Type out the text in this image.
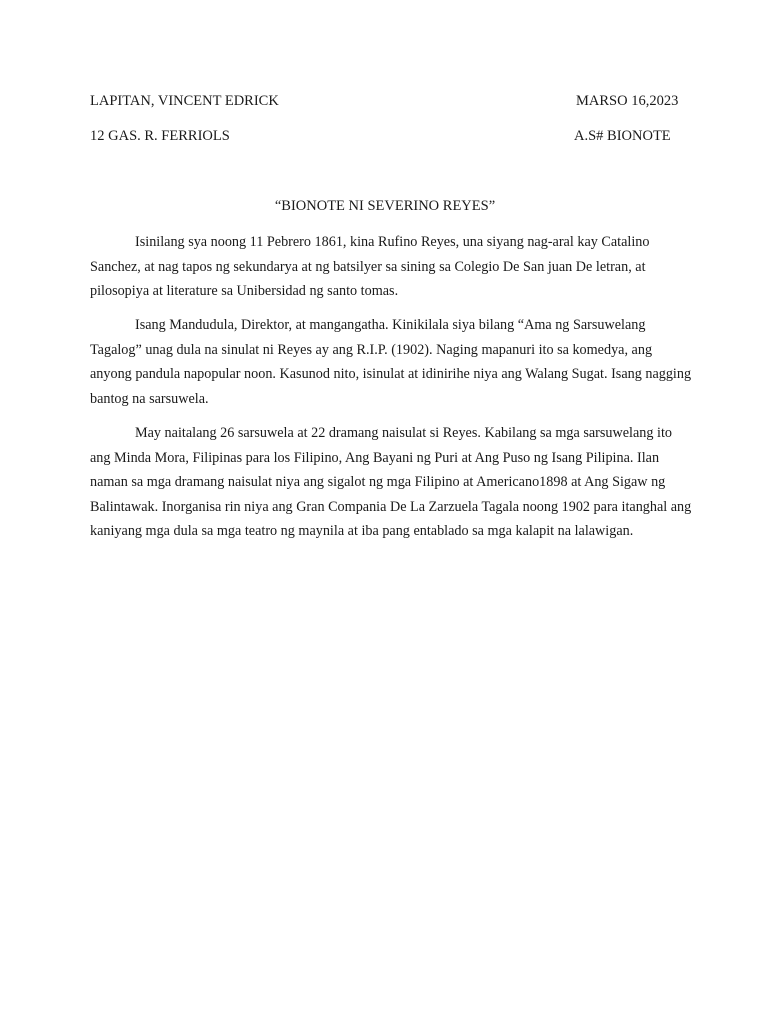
LAPITAN, VINCENT EDRICK	MARSO 16,2023
12 GAS. R. FERRIOLS	A.S# BIONOTE
“BIONOTE NI SEVERINO REYES”
Isinilang sya noong 11 Pebrero 1861, kina Rufino Reyes, una siyang nag-aral kay Catalino
Sanchez, at nag tapos ng sekundarya at ng batsilyer sa sining sa Colegio De San juan De letran, at
pilosopiya at literature sa Unibersidad ng santo tomas.
Isang Mandudula, Direktor, at mangangatha. Kinikilala siya bilang “Ama ng Sarsuwelang
Tagalog” unag dula na sinulat ni Reyes ay ang R.I.P. (1902). Naging mapanuri ito sa komedya, ang
anyong pandula napopular noon. Kasunod nito, isinulat at idinirihe niya ang Walang Sugat. Isang nagging
bantog na sarsuwela.
May naitalang 26 sarsuwela at 22 dramang naisulat si Reyes. Kabilang sa mga sarsuwelang ito
ang Minda Mora, Filipinas para los Filipino, Ang Bayani ng Puri at Ang Puso ng Isang Pilipina. Ilan
naman sa mga dramang naisulat niya ang sigalot ng mga Filipino at Americano1898 at Ang Sigaw ng
Balintawak. Inorganisa rin niya ang Gran Compania De La Zarzuela Tagala noong 1902 para itanghal ang
kaniyang mga dula sa mga teatro ng maynila at iba pang entablado sa mga kalapit na lalawigan.
